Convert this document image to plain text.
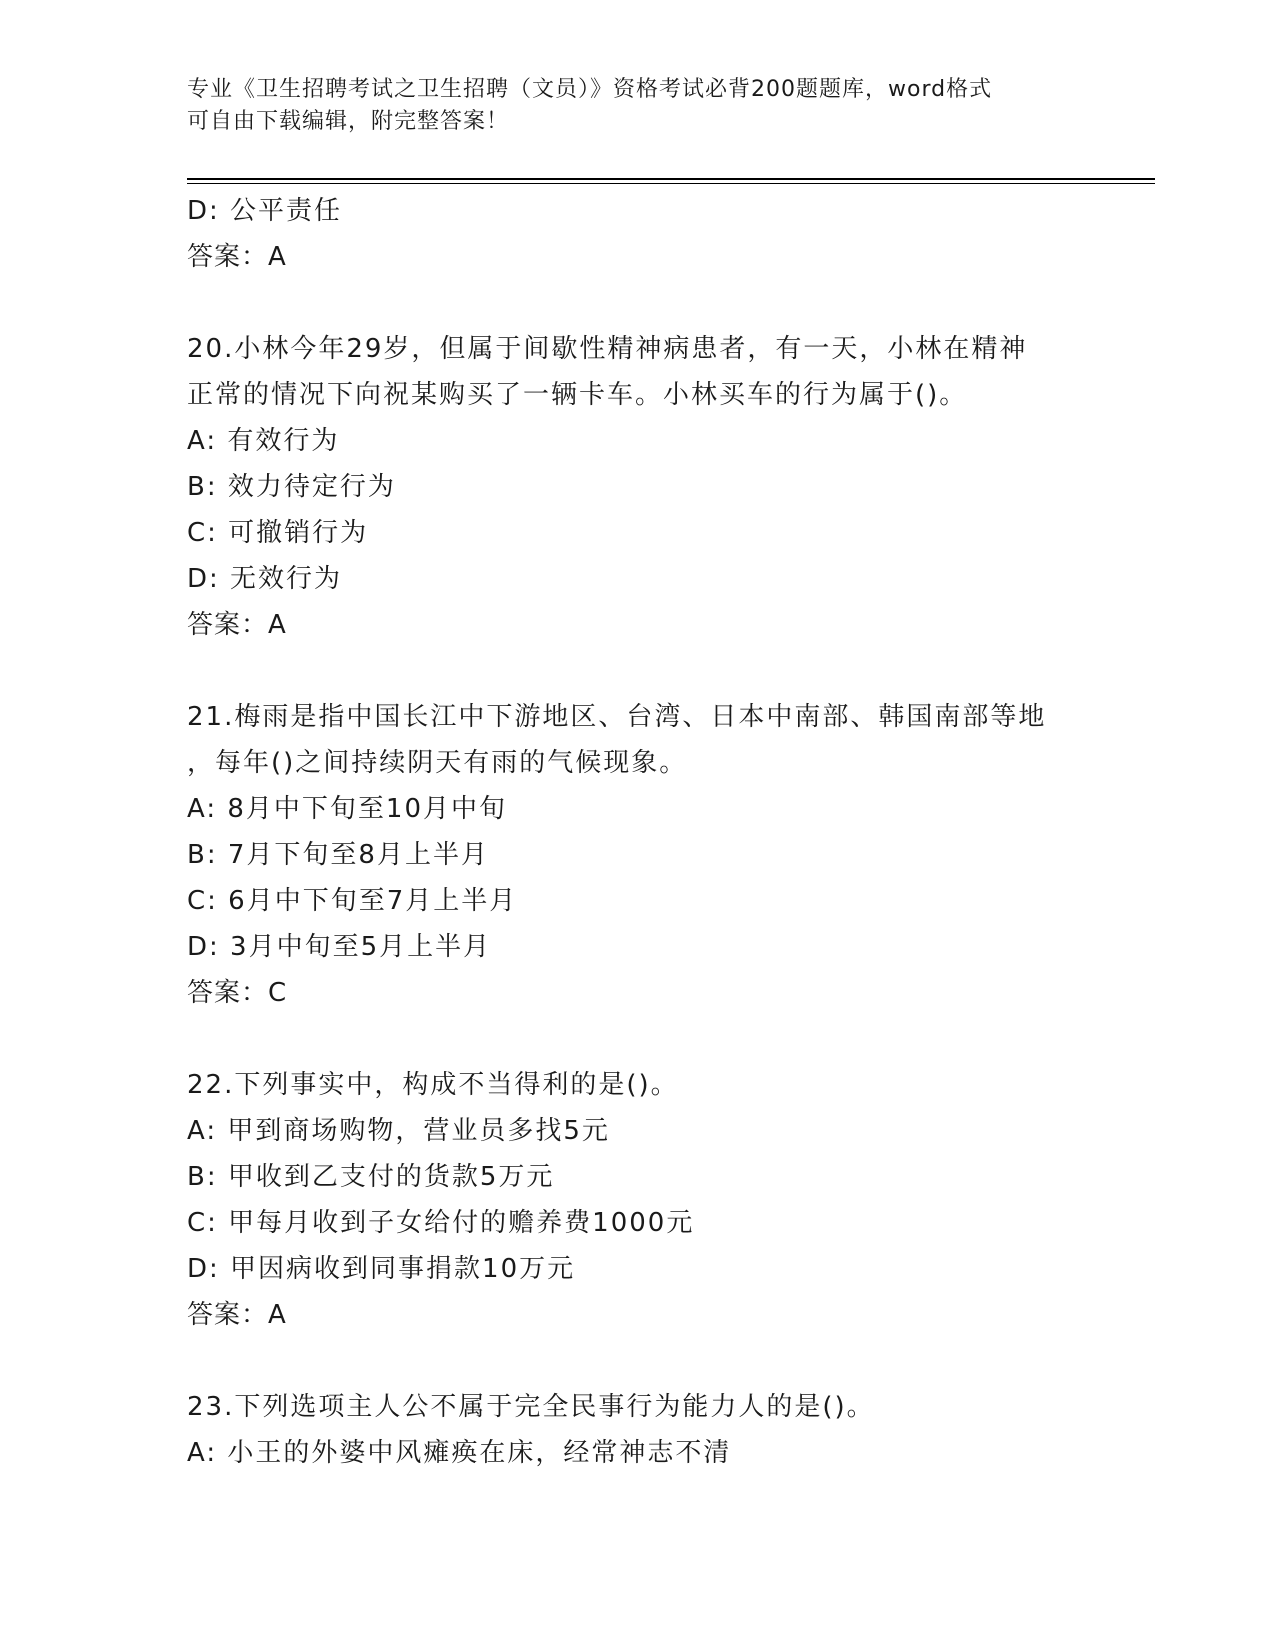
专业《卫生招聘考试之卫生招聘（文员）》资格考试必背200题题库，word格式
可自由下载编辑，附完整答案！
D: 公平责任
答案：A
20.小林今年29岁，但属于间歇性精神病患者，有一天，小林在精神
正常的情况下向祝某购买了一辆卡车。小林买车的行为属于()。
A: 有效行为
B: 效力待定行为
C: 可撤销行为
D: 无效行为
答案：A
21.梅雨是指中国长江中下游地区、台湾、日本中南部、韩国南部等地
，每年()之间持续阴天有雨的气候现象。
A: 8月中下旬至10月中旬
B: 7月下旬至8月上半月
C: 6月中下旬至7月上半月
D: 3月中旬至5月上半月
答案：C
22.下列事实中，构成不当得利的是()。
A: 甲到商场购物，营业员多找5元
B: 甲收到乙支付的货款5万元
C: 甲每月收到子女给付的赡养费1000元
D: 甲因病收到同事捐款10万元
答案：A
23.下列选项主人公不属于完全民事行为能力人的是()。
A: 小王的外婆中风瘫痪在床，经常神志不清
